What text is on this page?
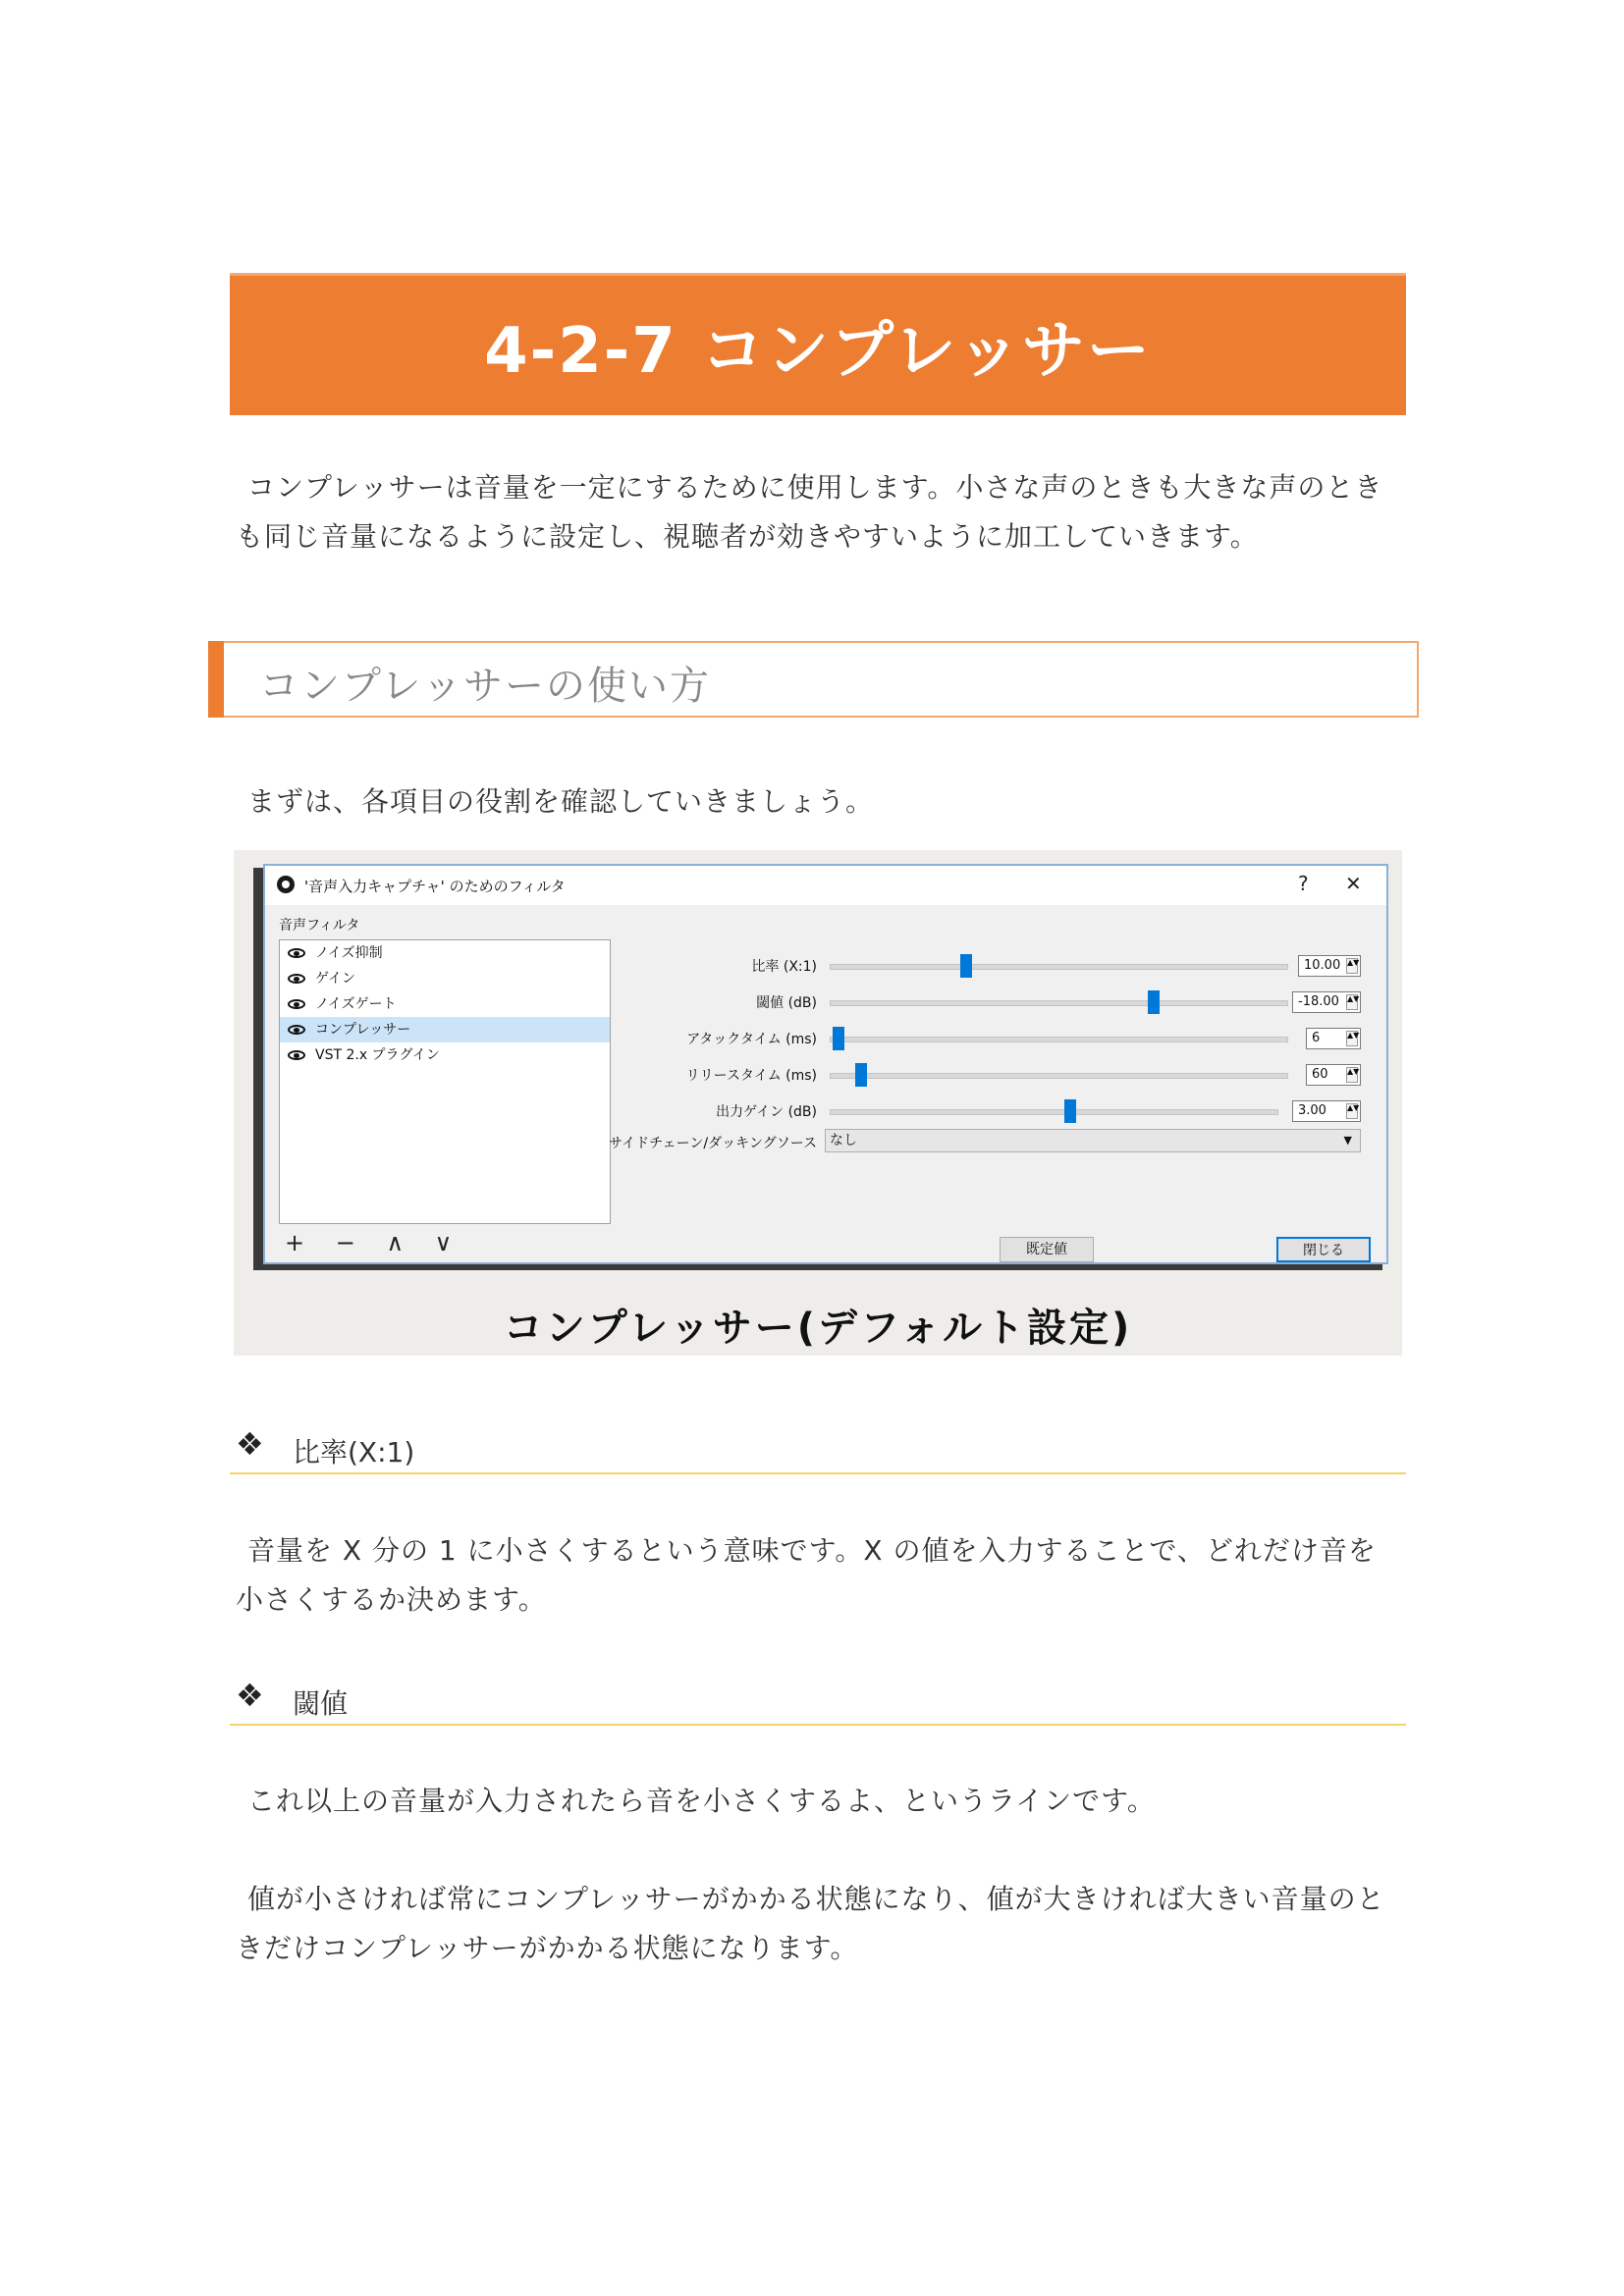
4-2-7 コンプレッサー

コンプレッサーは音量を一定にするために使用します。小さな声のときも大きな声のときも同じ音量になるように設定し、視聴者が効きやすいように加工していきます。

コンプレッサーの使い方

まずは、各項目の役割を確認していきましょう。

'音声入力キャプチャ' のためのフィルタ	? ✕
音声フィルタ
ノイズ抑制
ゲイン
ノイズゲート
コンプレッサー
VST 2.x プラグイン
+ − ∧ ∨
比率 (X:1)	10.00 ▲▼
閾値 (dB)	-18.00 ▲▼
アタックタイム (ms)	6	▲▼
リリースタイム (ms)	60 ▲▼
出力ゲイン (dB)	3.00	▲▼
サイドチェーン/ダッキングソース なし	▼
既定値	閉じる
コンプレッサー(デフォルト設定)
❖ 比率(X:1)

音量を X 分の 1 に小さくするという意味です。X の値を入力することで、どれだけ音を小さくするか決めます。

❖ 閾値

これ以上の音量が入力されたら音を小さくするよ、というラインです。

値が小さければ常にコンプレッサーがかかる状態になり、値が大きければ大きい音量のときだけコンプレッサーがかかる状態になります。
